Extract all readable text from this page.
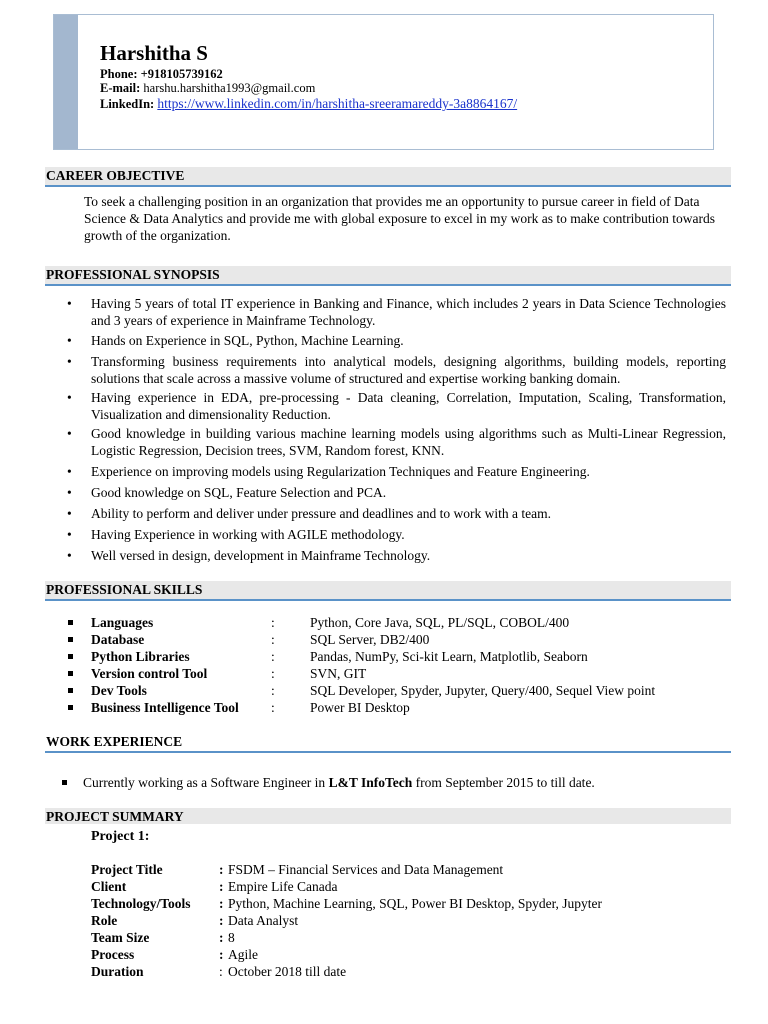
Harshitha S
Phone: +918105739162
E-mail: harshu.harshitha1993@gmail.com
LinkedIn: https://www.linkedin.com/in/harshitha-sreeramareddy-3a8864167/
CAREER OBJECTIVE
To seek a challenging position in an organization that provides me an opportunity to pursue career in field of Data Science & Data Analytics and provide me with global exposure to excel in my work as to make contribution towards growth of the organization.
PROFESSIONAL SYNOPSIS
• Having 5 years of total IT experience in Banking and Finance, which includes 2 years in Data Science Technologies and 3 years of experience in Mainframe Technology.
• Hands on Experience in SQL, Python, Machine Learning.
• Transforming business requirements into analytical models, designing algorithms, building models, reporting solutions that scale across a massive volume of structured and expertise working banking domain.
• Having experience in EDA, pre-processing - Data cleaning, Correlation, Imputation, Scaling, Transformation, Visualization and dimensionality Reduction.
• Good knowledge in building various machine learning models using algorithms such as Multi-Linear Regression, Logistic Regression, Decision trees, SVM, Random forest, KNN.
• Experience on improving models using Regularization Techniques and Feature Engineering.
• Good knowledge on SQL, Feature Selection and PCA.
• Ability to perform and deliver under pressure and deadlines and to work with a team.
• Having Experience in working with AGILE methodology.
• Well versed in design, development in Mainframe Technology.
PROFESSIONAL SKILLS
Languages	:	Python, Core Java, SQL, PL/SQL, COBOL/400
Database	:	SQL Server, DB2/400
Python Libraries	:	Pandas, NumPy, Sci-kit Learn, Matplotlib, Seaborn
Version control Tool	:	SVN, GIT
Dev Tools	:	SQL Developer, Spyder, Jupyter, Query/400, Sequel View point
Business Intelligence Tool :	Power BI Desktop
WORK EXPERIENCE
Currently working as a Software Engineer in L&T InfoTech from September 2015 to till date.
PROJECT SUMMARY
Project 1:
Project Title	: FSDM – Financial Services and Data Management
Client	: Empire Life Canada
Technology/Tools : Python, Machine Learning, SQL, Power BI Desktop, Spyder, Jupyter
Role	: Data Analyst
Team Size	: 8
Process	: Agile
Duration	: October 2018 till date
